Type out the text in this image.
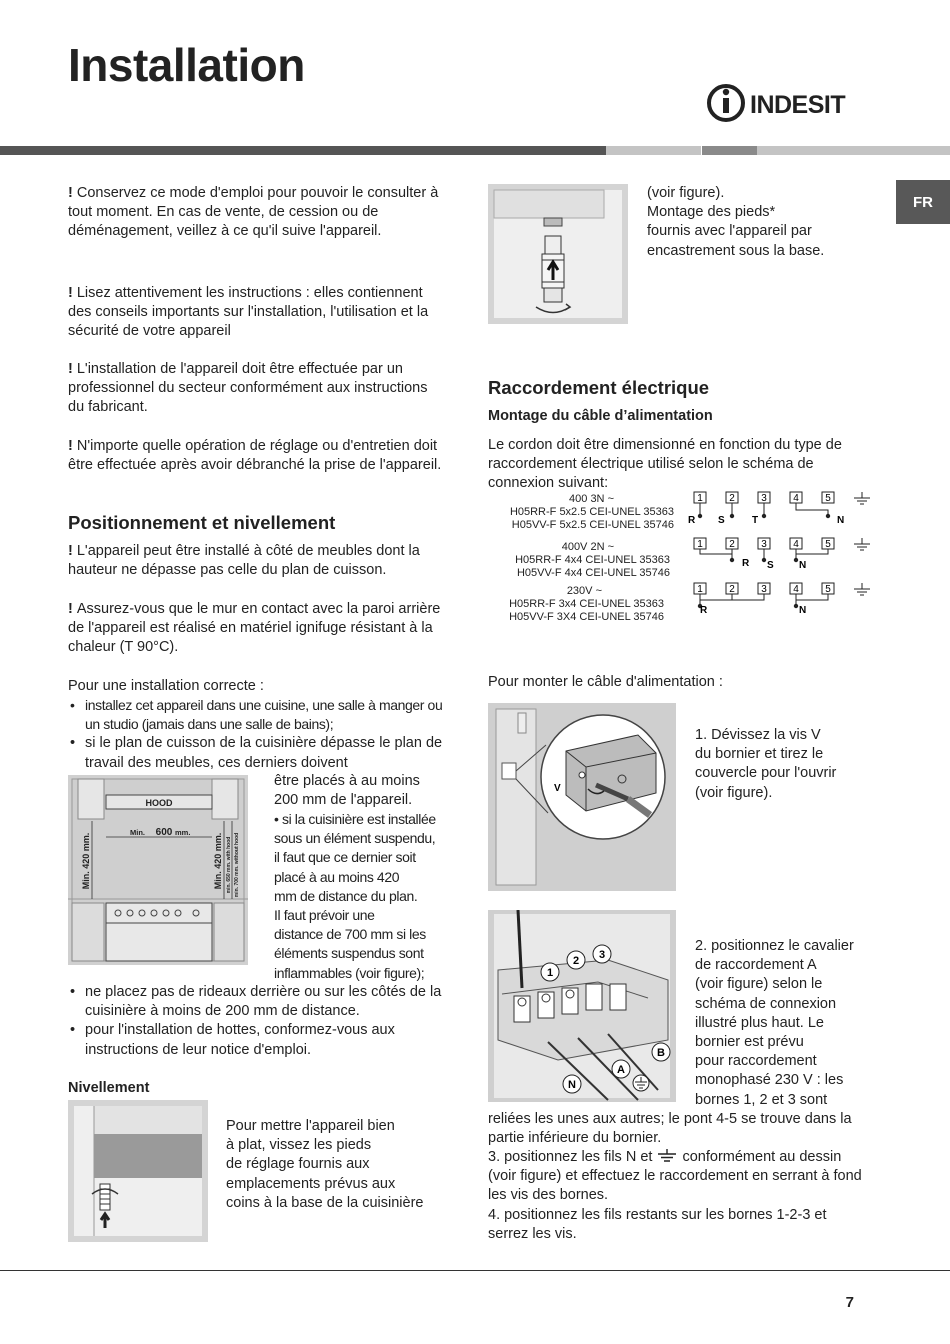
Installation
INDESIT
FR
! Conservez ce mode d'emploi pour pouvoir le consulter à tout moment. En cas de vente, de cession ou de déménagement, veillez à ce qu'il suive l'appareil.
! Lisez attentivement les instructions : elles contiennent des conseils importants sur l'installation, l'utilisation et la sécurité de votre appareil
! L'installation de l'appareil doit être effectuée par un professionnel du secteur conformément aux instructions du fabricant.
! N'importe quelle opération de réglage ou d'entretien doit être effectuée après avoir débranché la prise de l'appareil.
Positionnement et nivellement
! L'appareil peut être installé à côté de meubles dont la hauteur ne dépasse pas celle du plan de cuisson.
! Assurez-vous que le mur en contact avec la paroi arrière de l'appareil est réalisé en matériel ignifuge résistant à la chaleur (T 90°C).
Pour une installation correcte :
• installez cet appareil dans une cuisine, une salle à manger ou un studio (jamais dans une salle de bains);
• si le plan de cuisson de la cuisinière dépasse le plan de travail des meubles, ces derniers doivent
être placés à au moins
200 mm de l'appareil.
• si la cuisinière est installée
sous un élément suspendu,
il faut que ce dernier soit
placé à au moins 420
mm de distance du plan.
Il faut prévoir une
distance de 700 mm si les
éléments suspendus sont
inflammables (voir figure);
HOOD
Min. 600 mm.
Min. 420 mm.	Min. 420 mm. min. 650 mm. with hood min. 700 mm. without hood
• ne placez pas de rideaux derrière ou sur les côtés de la cuisinière à moins de 200 mm de distance.
• pour l'installation de hottes, conformez-vous aux instructions de leur notice d'emploi.
Nivellement
Pour mettre l'appareil bien
à plat, vissez les pieds
de réglage fournis aux
emplacements prévus aux
coins à la base de la cuisinière
(voir figure).
Montage des pieds*
fournis avec l'appareil par
encastrement sous la base.
Raccordement électrique
Montage du câble d’alimentation
Le cordon doit être dimensionné en fonction du type de raccordement électrique utilisé selon le schéma de connexion suivant:
400 3N ~
H05RR-F 5x2.5 CEI-UNEL 35363
H05VV-F 5x2.5 CEI-UNEL 35746
400V 2N ~
H05RR-F 4x4 CEI-UNEL 35363
H05VV-F 4x4 CEI-UNEL 35746
230V ~
H05RR-F 3x4 CEI-UNEL 35363
H05VV-F 3X4 CEI-UNEL 35746
1	2	3	4	5
R S	T	N
1	2	3	4	5
R S	N
1	2	3	4	5
R	N
Pour monter le câble d'alimentation :
V
1. Dévissez la vis V
du bornier et tirez le
couvercle pour l'ouvrir
(voir figure).
1
2 3
B
A
N
2. positionnez le cavalier
de raccordement A
(voir figure) selon le
schéma de connexion
illustré plus haut. Le
bornier est prévu
pour raccordement
monophasé 230 V : les
bornes 1, 2 et 3 sont
reliées les unes aux autres; le pont 4-5 se trouve dans la partie inférieure du bornier.
3. positionnez les fils N et conformément au dessin (voir figure) et effectuez le raccordement en serrant à fond les vis des bornes.
4. positionnez les fils restants sur les bornes 1-2-3 et serrez les vis.
7
